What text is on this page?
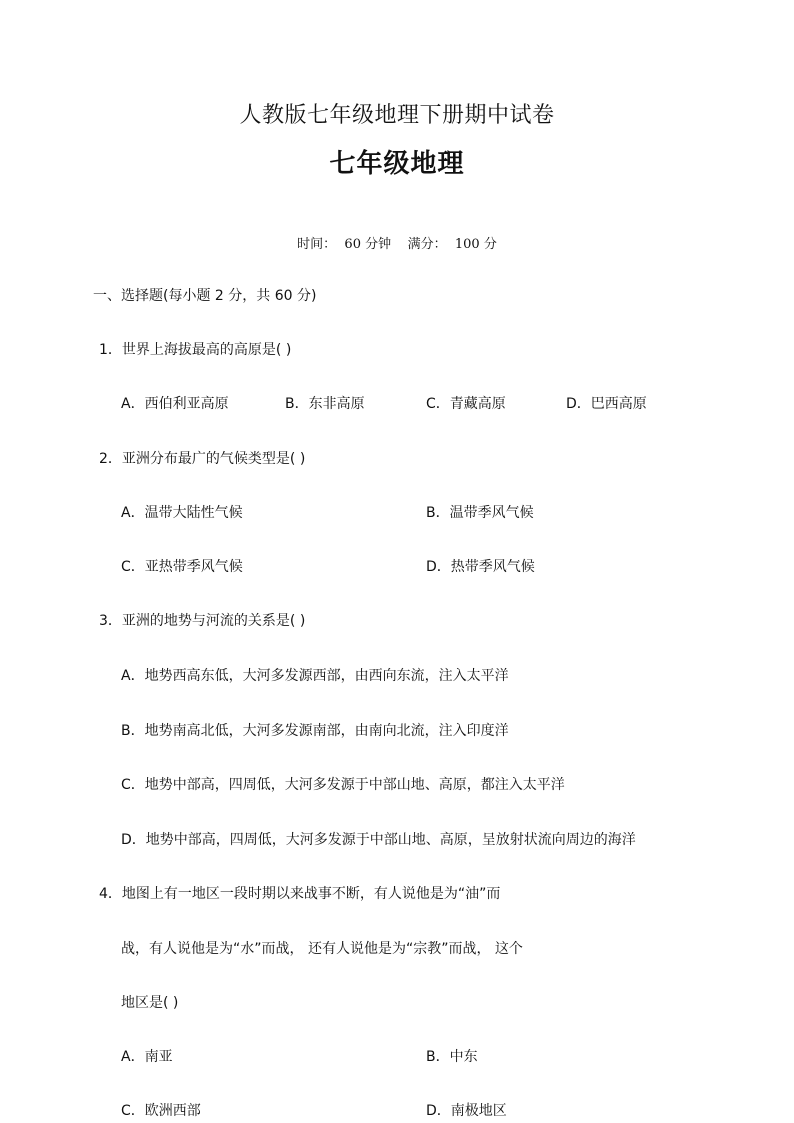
人教版七年级地理下册期中试卷
七年级地理
时间：  60 分钟    满分：  100 分
一、选择题(每小题 2 分，共 60 分)
1．世界上海拔最高的高原是( )
A．西伯利亚高原	B．东非高原	C．青藏高原	D．巴西高原
2．亚洲分布最广的气候类型是( )
A．温带大陆性气候	B．温带季风气候
C．亚热带季风气候	D．热带季风气候
3．亚洲的地势与河流的关系是( )
A．地势西高东低，大河多发源西部，由西向东流，注入太平洋
B．地势南高北低，大河多发源南部，由南向北流，注入印度洋
C．地势中部高，四周低，大河多发源于中部山地、高原，都注入太平洋
D．地势中部高，四周低，大河多发源于中部山地、高原，呈放射状流向周边的海洋
4．地图上有一地区一段时期以来战事不断，有人说他是为“油”而
战，有人说他是为“水”而战， 还有人说他是为“宗教”而战， 这个
地区是( )
A．南亚	B．中东
C．欧洲西部	D．南极地区
